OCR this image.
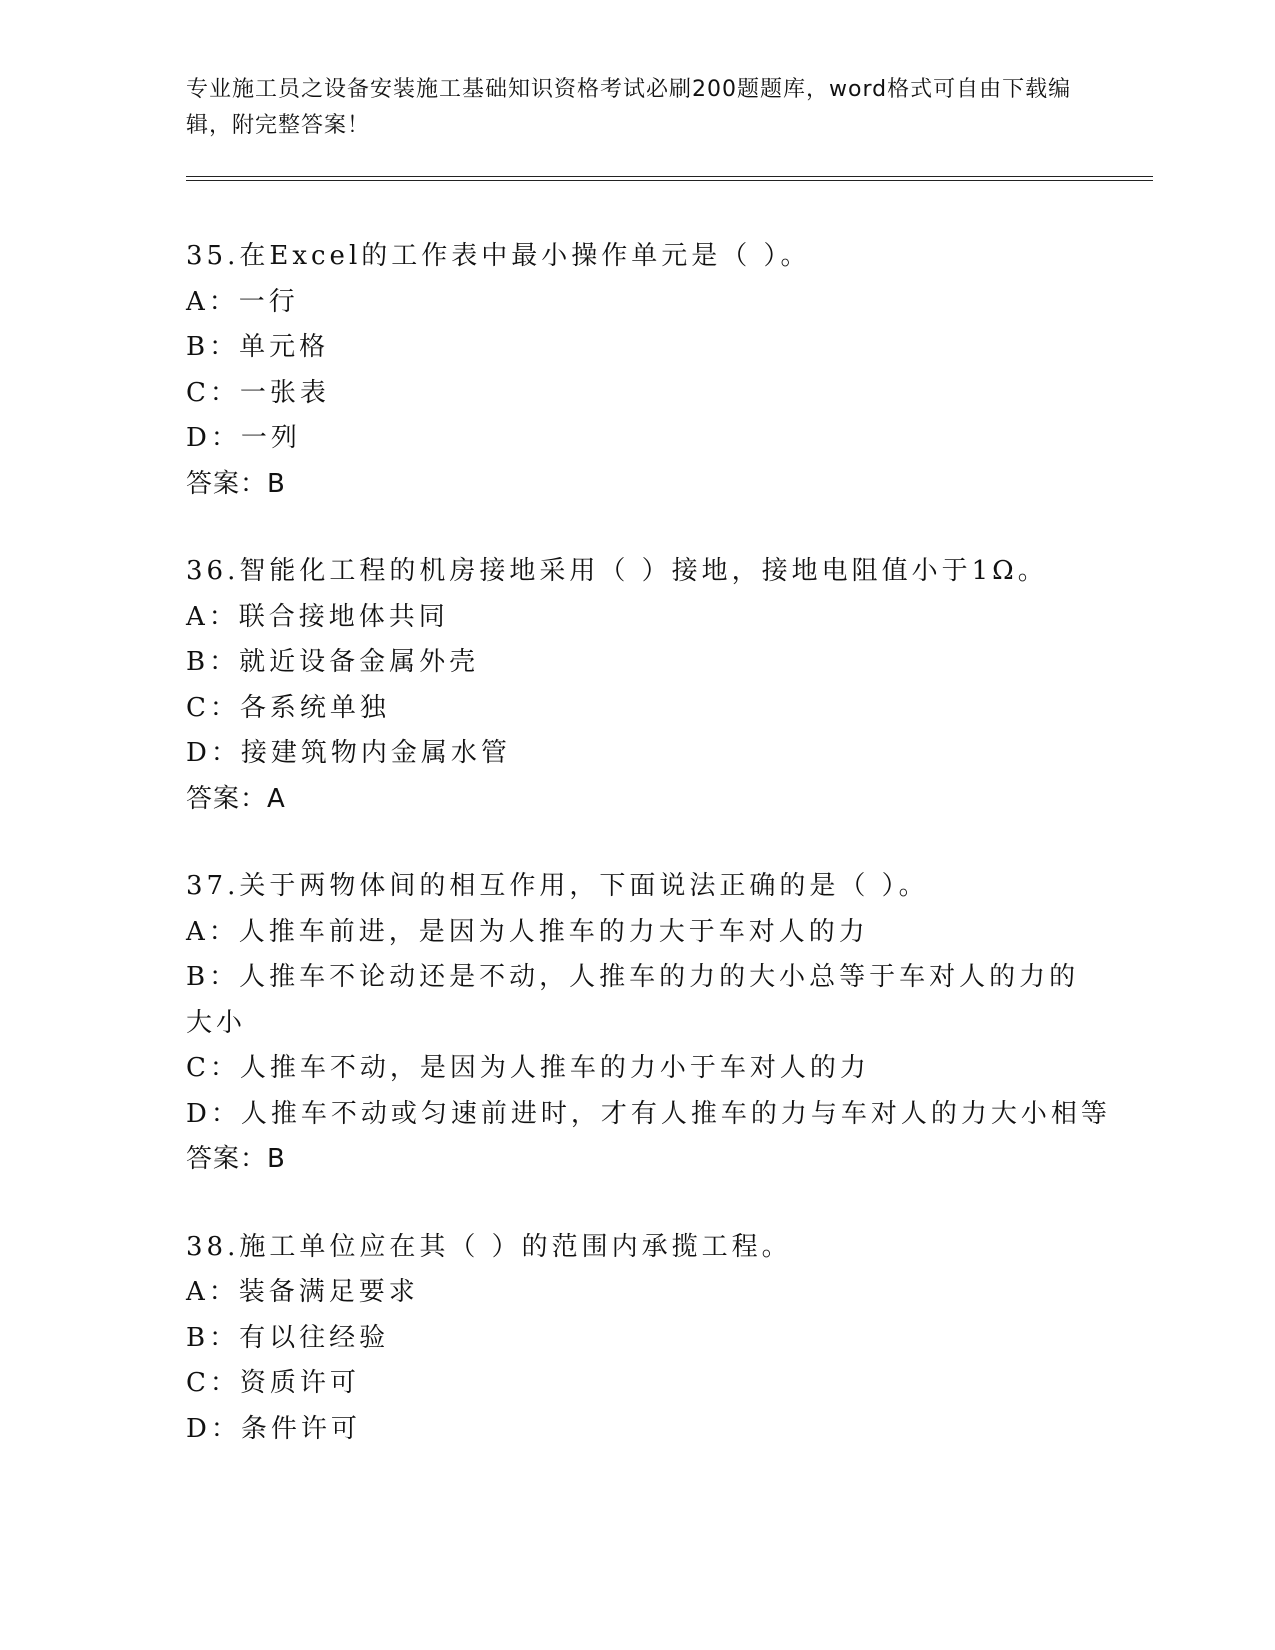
专业施工员之设备安装施工基础知识资格考试必刷200题题库，word格式可自由下载编辑，附完整答案！
35.在Excel的工作表中最小操作单元是（ ）。
A：一行
B：单元格
C：一张表
D：一列
答案：B
36.智能化工程的机房接地采用（ ）接地，接地电阻值小于1Ω。
A：联合接地体共同
B：就近设备金属外壳
C：各系统单独
D：接建筑物内金属水管
答案：A
37.关于两物体间的相互作用，下面说法正确的是（ ）。
A：人推车前进，是因为人推车的力大于车对人的力
B：人推车不论动还是不动，人推车的力的大小总等于车对人的力的大小
C：人推车不动，是因为人推车的力小于车对人的力
D：人推车不动或匀速前进时，才有人推车的力与车对人的力大小相等
答案：B
38.施工单位应在其（ ）的范围内承揽工程。
A：装备满足要求
B：有以往经验
C：资质许可
D：条件许可
